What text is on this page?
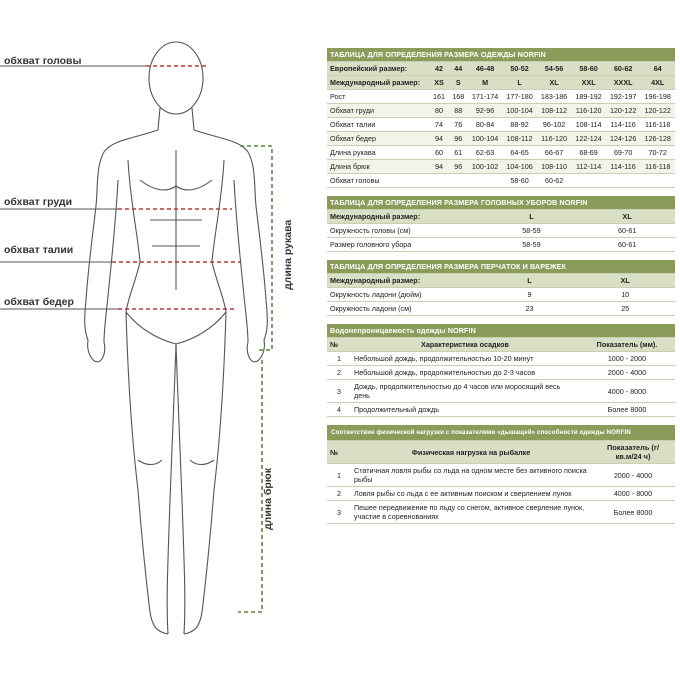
обхват головы
обхват груди
обхват талии
обхват бедер
длина рукава
длина брюк
ТАБЛИЦА ДЛЯ ОПРЕДЕЛЕНИЯ РАЗМЕРА ОДЕЖДЫ NORFIN								
Европейский размер:	42	44	46-48	50-52	54-56	58-60	60-62	64
Международный размер:	XS	S	M	L	XL	XXL	XXXL	4XL
Рост	161	168	171-174	177-180	183-186	189-192	192-197	196-198
Обхват груди	80	88	92-96	100-104	108-112	116-120	120-122	120-122
Обхват талии	74	76	80-84	88-92	96-102	108-114	114-116	116-118
Обхват бедер	94	96	100-104	108-112	116-120	122-124	124-126	126-128
Длина рукава	60	61	62-63	64-65	66-67	68-69	69-70	70-72
Длина брюк	94	96	100-102	104-106	108-110	112-114	114-116	116-118
Обхват головы				58-60	60-62			
ТАБЛИЦА ДЛЯ ОПРЕДЕЛЕНИЯ РАЗМЕРА ГОЛОВНЫХ УБОРОВ NORFIN		
Международный размер:	L	XL
Окружность головы (см)	58-59	60-61
Размер головного убора	58-59	60-61
ТАБЛИЦА ДЛЯ ОПРЕДЕЛЕНИЯ РАЗМЕРА ПЕРЧАТОК И ВАРЕЖЕК		
Международный размер:	L	XL
Окружность ладони (дюйм)	9	10
Окружность ладони (см)	23	25
Водонепроницаемость одежды NORFIN		
№	Характеристика осадков	Показатель (мм).
1	Небольшой дождь, продолжительностью 10-20 минут	1000 - 2000
2	Небольшой дождь, продолжительностью до 2-3 часов	2000 - 4000
3	Дождь, продолжительностью до 4 часов или моросящий весь день	4000 - 8000
4	Продолжительный дождь	Более 8000
Соответствие физической нагрузки с показателями «дышащей» способности одежды NORFIN		
№	Физическая нагрузка на рыбалке	Показатель (г/кв.м/24 ч)
1	Статичная ловля рыбы со льда на одном месте без активного поиска рыбы	2000 - 4000
2	Ловля рыбы со льда с ее активным поиском и сверлением лунок	4000 - 8000
3	Пешее передвижение по льду со снегом, активное сверление лунок, участие в соревнованиях	Более 8000
